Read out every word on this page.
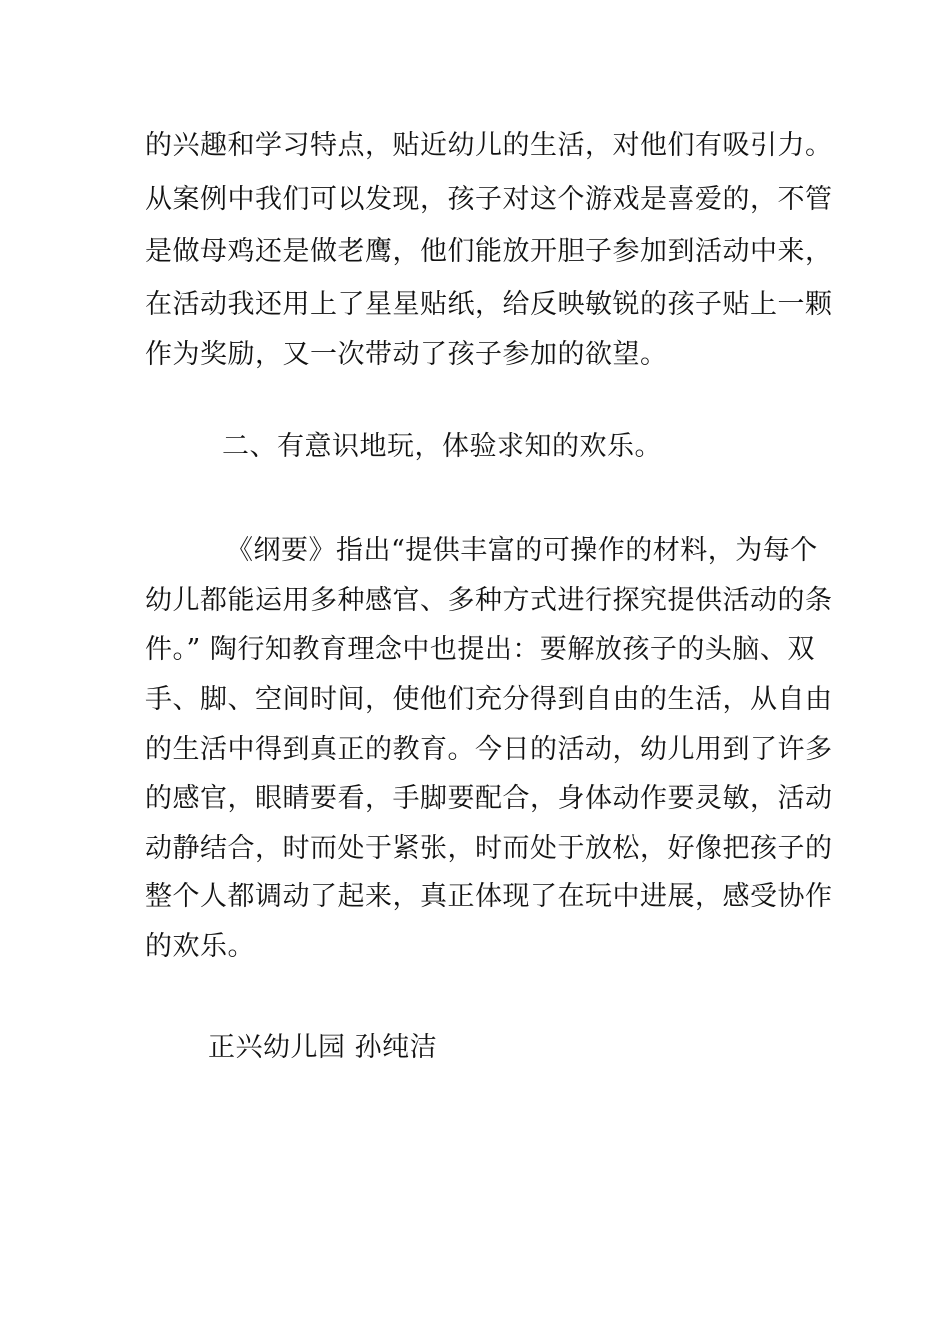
的兴趣和学习特点，贴近幼儿的生活，对他们有吸引力。
从案例中我们可以发现，孩子对这个游戏是喜爱的，不管
是做母鸡还是做老鹰，他们能放开胆子参加到活动中来，
在活动我还用上了星星贴纸，给反映敏锐的孩子贴上一颗
作为奖励，又一次带动了孩子参加的欲望。
二、有意识地玩，体验求知的欢乐。
《纲要》指出“提供丰富的可操作的材料，为每个
幼儿都能运用多种感官、多种方式进行探究提供活动的条
件。” 陶行知教育理念中也提出：要解放孩子的头脑、双
手、脚、空间时间，使他们充分得到自由的生活，从自由
的生活中得到真正的教育。今日的活动，幼儿用到了许多
的感官，眼睛要看，手脚要配合，身体动作要灵敏，活动
动静结合，时而处于紧张，时而处于放松，好像把孩子的
整个人都调动了起来，真正体现了在玩中进展，感受协作
的欢乐。
正兴幼儿园 孙纯洁
